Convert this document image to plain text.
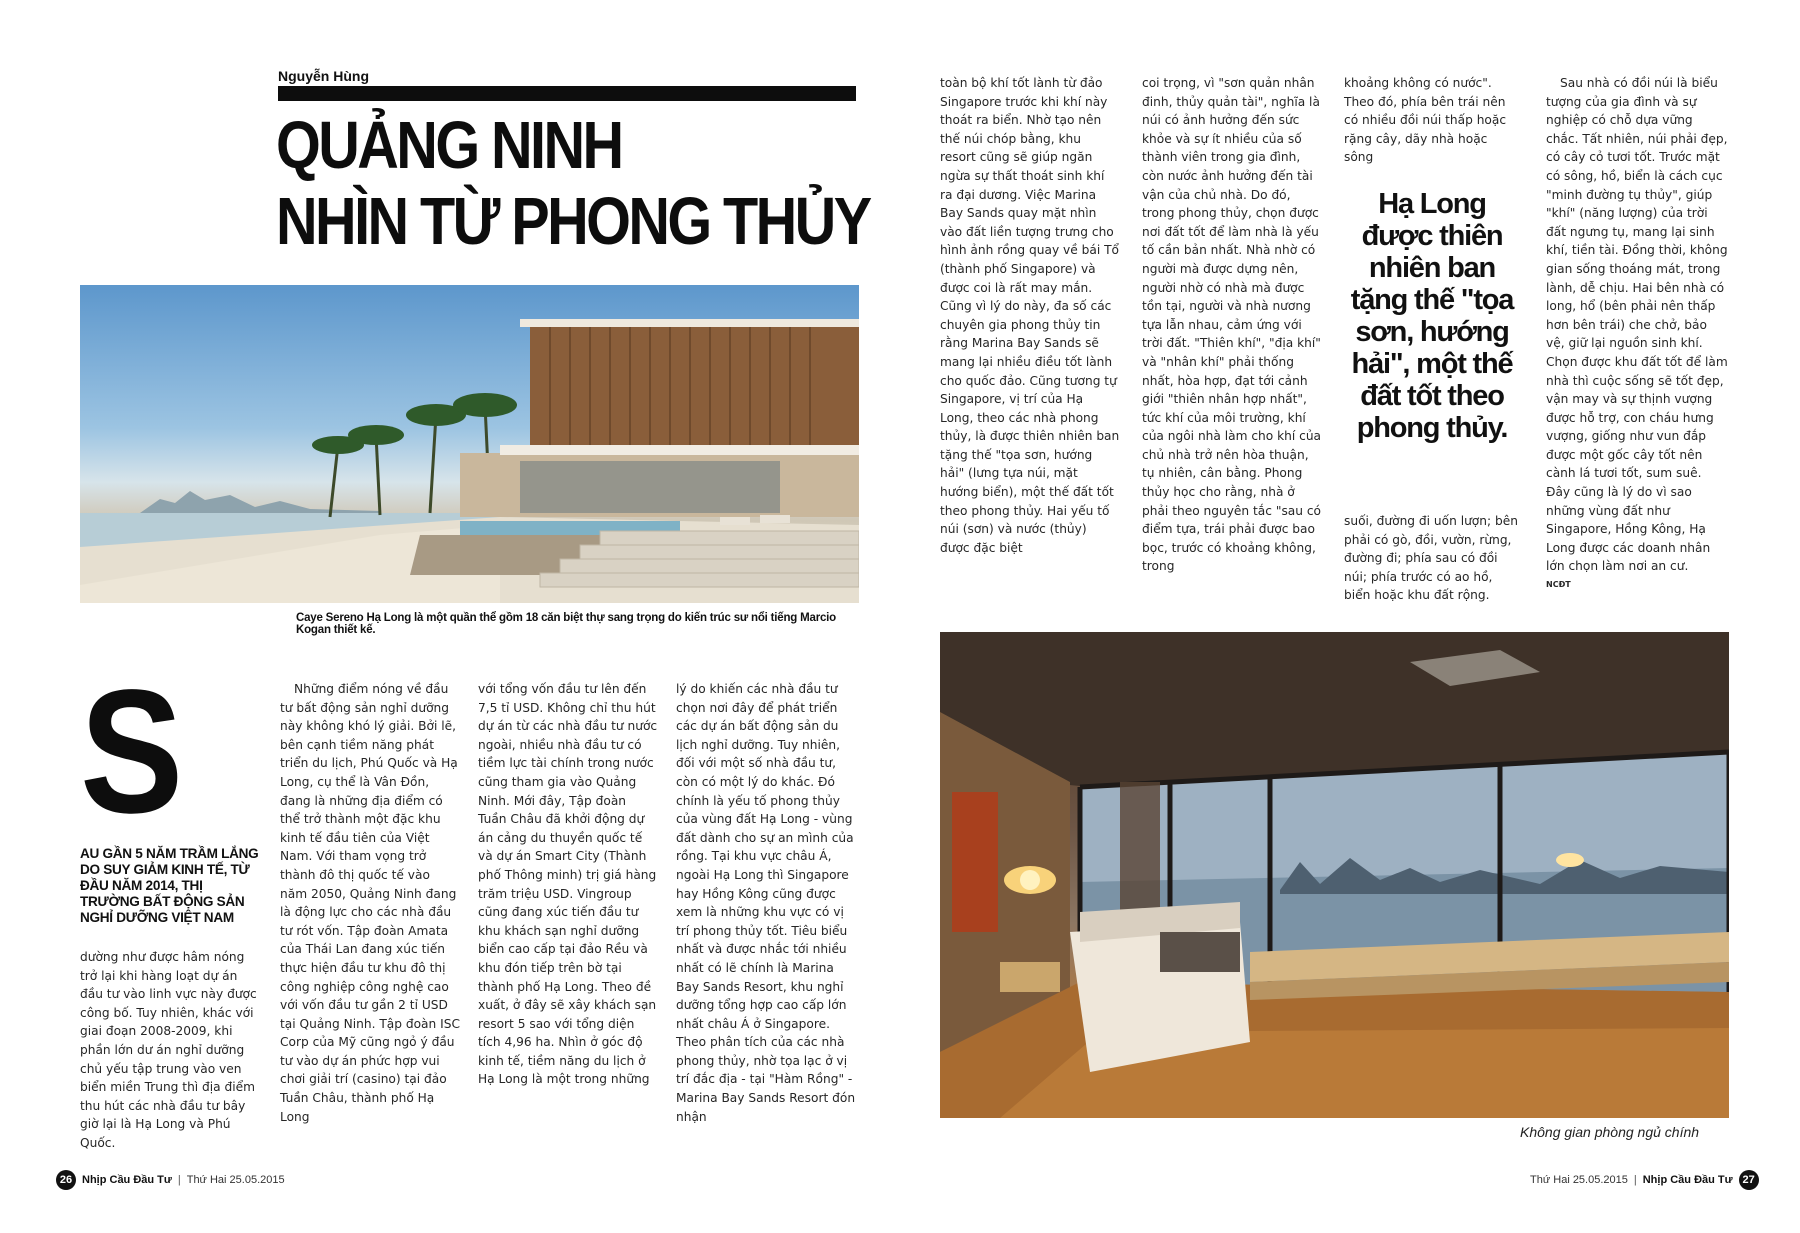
Nguyễn Hùng
QUẢNG NINH
NHÌN TỪ PHONG THỦY
Caye Sereno Hạ Long là một quần thể gồm 18 căn biệt thự sang trọng do kiến trúc sư nổi tiếng Marcio Kogan thiết kế.
S
AU GẦN 5 NĂM TRẦM LẮNG DO SUY GIẢM KINH TẾ, TỪ ĐẦU NĂM 2014, THỊ TRƯỜNG BẤT ĐỘNG SẢN NGHỈ DƯỠNG VIỆT NAM

dường như được hâm nóng trở lại khi hàng loạt dự án đầu tư vào linh vực này được công bố. Tuy nhiên, khác với giai đoạn 2008-2009, khi phần lớn dư án nghỉ dưỡng chủ yếu tập trung vào ven biển miền Trung thì địa điểm thu hút các nhà đầu tư bây giờ lại là Hạ Long và Phú Quốc.

Những điểm nóng về đầu tư bất động sản nghỉ dưỡng này không khó lý giải. Bởi lẽ, bên cạnh tiềm năng phát triển du lịch, Phú Quốc và Hạ Long, cụ thể là Vân Đồn, đang là những địa điểm có thể trở thành một đặc khu kinh tế đầu tiên của Việt Nam. Với tham vọng trở thành đô thị quốc tế vào năm 2050, Quảng Ninh đang là động lực cho các nhà đầu tư rót vốn. Tập đoàn Amata của Thái Lan đang xúc tiến thực hiện đầu tư khu đô thị công nghiệp công nghệ cao với vốn đầu tư gần 2 tỉ USD tại Quảng Ninh. Tập đoàn ISC Corp của Mỹ cũng ngỏ ý đầu tư vào dự án phức hợp vui chơi giải trí (casino) tại đảo Tuần Châu, thành phố Hạ Long

với tổng vốn đầu tư lên đến 7,5 tỉ USD. Không chỉ thu hút dự án từ các nhà đầu tư nước ngoài, nhiều nhà đầu tư có tiềm lực tài chính trong nước cũng tham gia vào Quảng Ninh. Mới đây, Tập đoàn Tuần Châu đã khởi động dự án cảng du thuyền quốc tế và dự án Smart City (Thành phố Thông minh) trị giá hàng trăm triệu USD. Vingroup cũng đang xúc tiến đầu tư khu khách sạn nghỉ dưỡng biển cao cấp tại đảo Rều và khu đón tiếp trên bờ tại thành phố Hạ Long. Theo đề xuất, ở đây sẽ xây khách sạn resort 5 sao với tổng diện tích 4,96 ha. Nhìn ở góc độ kinh tế, tiềm năng du lịch ở Hạ Long là một trong những

lý do khiến các nhà đầu tư chọn nơi đây để phát triển các dự án bất động sản du lịch nghỉ dưỡng. Tuy nhiên, đối với một số nhà đầu tư, còn có một lý do khác. Đó chính là yếu tố phong thủy của vùng đất Hạ Long - vùng đất dành cho sự an mình của rồng. Tại khu vực châu Á, ngoài Hạ Long thì Singapore hay Hồng Kông cũng được xem là những khu vực có vị trí phong thủy tốt. Tiêu biểu nhất và được nhắc tới nhiều nhất có lẽ chính là Marina Bay Sands Resort, khu nghỉ dưỡng tổng hợp cao cấp lớn nhất châu Á ở Singapore. Theo phân tích của các nhà phong thủy, nhờ tọa lạc ở vị trí đắc địa - tại "Hàm Rồng" - Marina Bay Sands Resort đón nhận

toàn bộ khí tốt lành từ đảo Singapore trước khi khí này thoát ra biển. Nhờ tạo nên thế núi chóp bằng, khu resort cũng sẽ giúp ngăn ngừa sự thất thoát sinh khí ra đại dương. Việc Marina Bay Sands quay mặt nhìn vào đất liền tượng trưng cho hình ảnh rồng quay về bái Tổ (thành phố Singapore) và được coi là rất may mắn. Cũng vì lý do này, đa số các chuyên gia phong thủy tin rằng Marina Bay Sands sẽ mang lại nhiều điều tốt lành cho quốc đảo. Cũng tương tự Singapore, vị trí của Hạ Long, theo các nhà phong thủy, là được thiên nhiên ban tặng thế "tọa sơn, hướng hải" (lưng tựa núi, mặt hướng biển), một thế đất tốt theo phong thủy. Hai yếu tố núi (sơn) và nước (thủy) được đặc biệt

coi trọng, vì "sơn quản nhân đinh, thủy quản tài", nghĩa là núi có ảnh hưởng đến sức khỏe và sự ít nhiều của số thành viên trong gia đình, còn nước ảnh hưởng đến tài vận của chủ nhà. Do đó, trong phong thủy, chọn được nơi đất tốt để làm nhà là yếu tố cần bản nhất. Nhà nhờ có người mà được dựng nên, người nhờ có nhà mà được tồn tại, người và nhà nương tựa lẫn nhau, cảm ứng với trời đất. "Thiên khí", "địa khí" và "nhân khí" phải thống nhất, hòa hợp, đạt tới cảnh giới "thiên nhân hợp nhất", tức khí của môi trường, khí của ngôi nhà làm cho khí của chủ nhà trở nên hòa thuận, tụ nhiên, cân bằng. Phong thủy học cho rằng, nhà ở phải theo nguyên tắc "sau có điểm tựa, trái phải được bao bọc, trước có khoảng không, trong

khoảng không có nước". Theo đó, phía bên trái nên có nhiều đồi núi thấp hoặc rặng cây, dãy nhà hoặc sông

Hạ Long được thiên nhiên ban tặng thế "tọa sơn, hướng hải", một thế đất tốt theo phong thủy.

suối, đường đi uốn lượn; bên phải có gò, đồi, vườn, rừng, đường đi; phía sau có đồi núi; phía trước có ao hồ, biển hoặc khu đất rộng.

Sau nhà có đồi núi là biểu tượng của gia đình và sự nghiệp có chỗ dựa vững chắc. Tất nhiên, núi phải đẹp, có cây cỏ tươi tốt. Trước mặt có sông, hồ, biển là cách cục "minh đường tụ thủy", giúp "khí" (năng lượng) của trời đất ngưng tụ, mang lại sinh khí, tiền tài. Đồng thời, không gian sống thoáng mát, trong lành, dễ chịu. Hai bên nhà có long, hổ (bên phải nên thấp hơn bên trái) che chở, bảo vệ, giữ lại nguồn sinh khí. Chọn được khu đất tốt để làm nhà thì cuộc sống sẽ tốt đẹp, vận may và sự thịnh vượng được hỗ trợ, con cháu hưng vượng, giống như vun đắp được một gốc cây tốt nên cành lá tươi tốt, sum suê. Đây cũng là lý do vì sao những vùng đất như Singapore, Hồng Kông, Hạ Long được các doanh nhân lớn chọn làm nơi an cư.

$^{NCĐT}$
Không gian phòng ngủ chính
26 Nhịp Cầu Đầu Tư | Thứ Hai 25.05.2015	Thứ Hai 25.05.2015 | Nhịp Cầu Đầu Tư 27
